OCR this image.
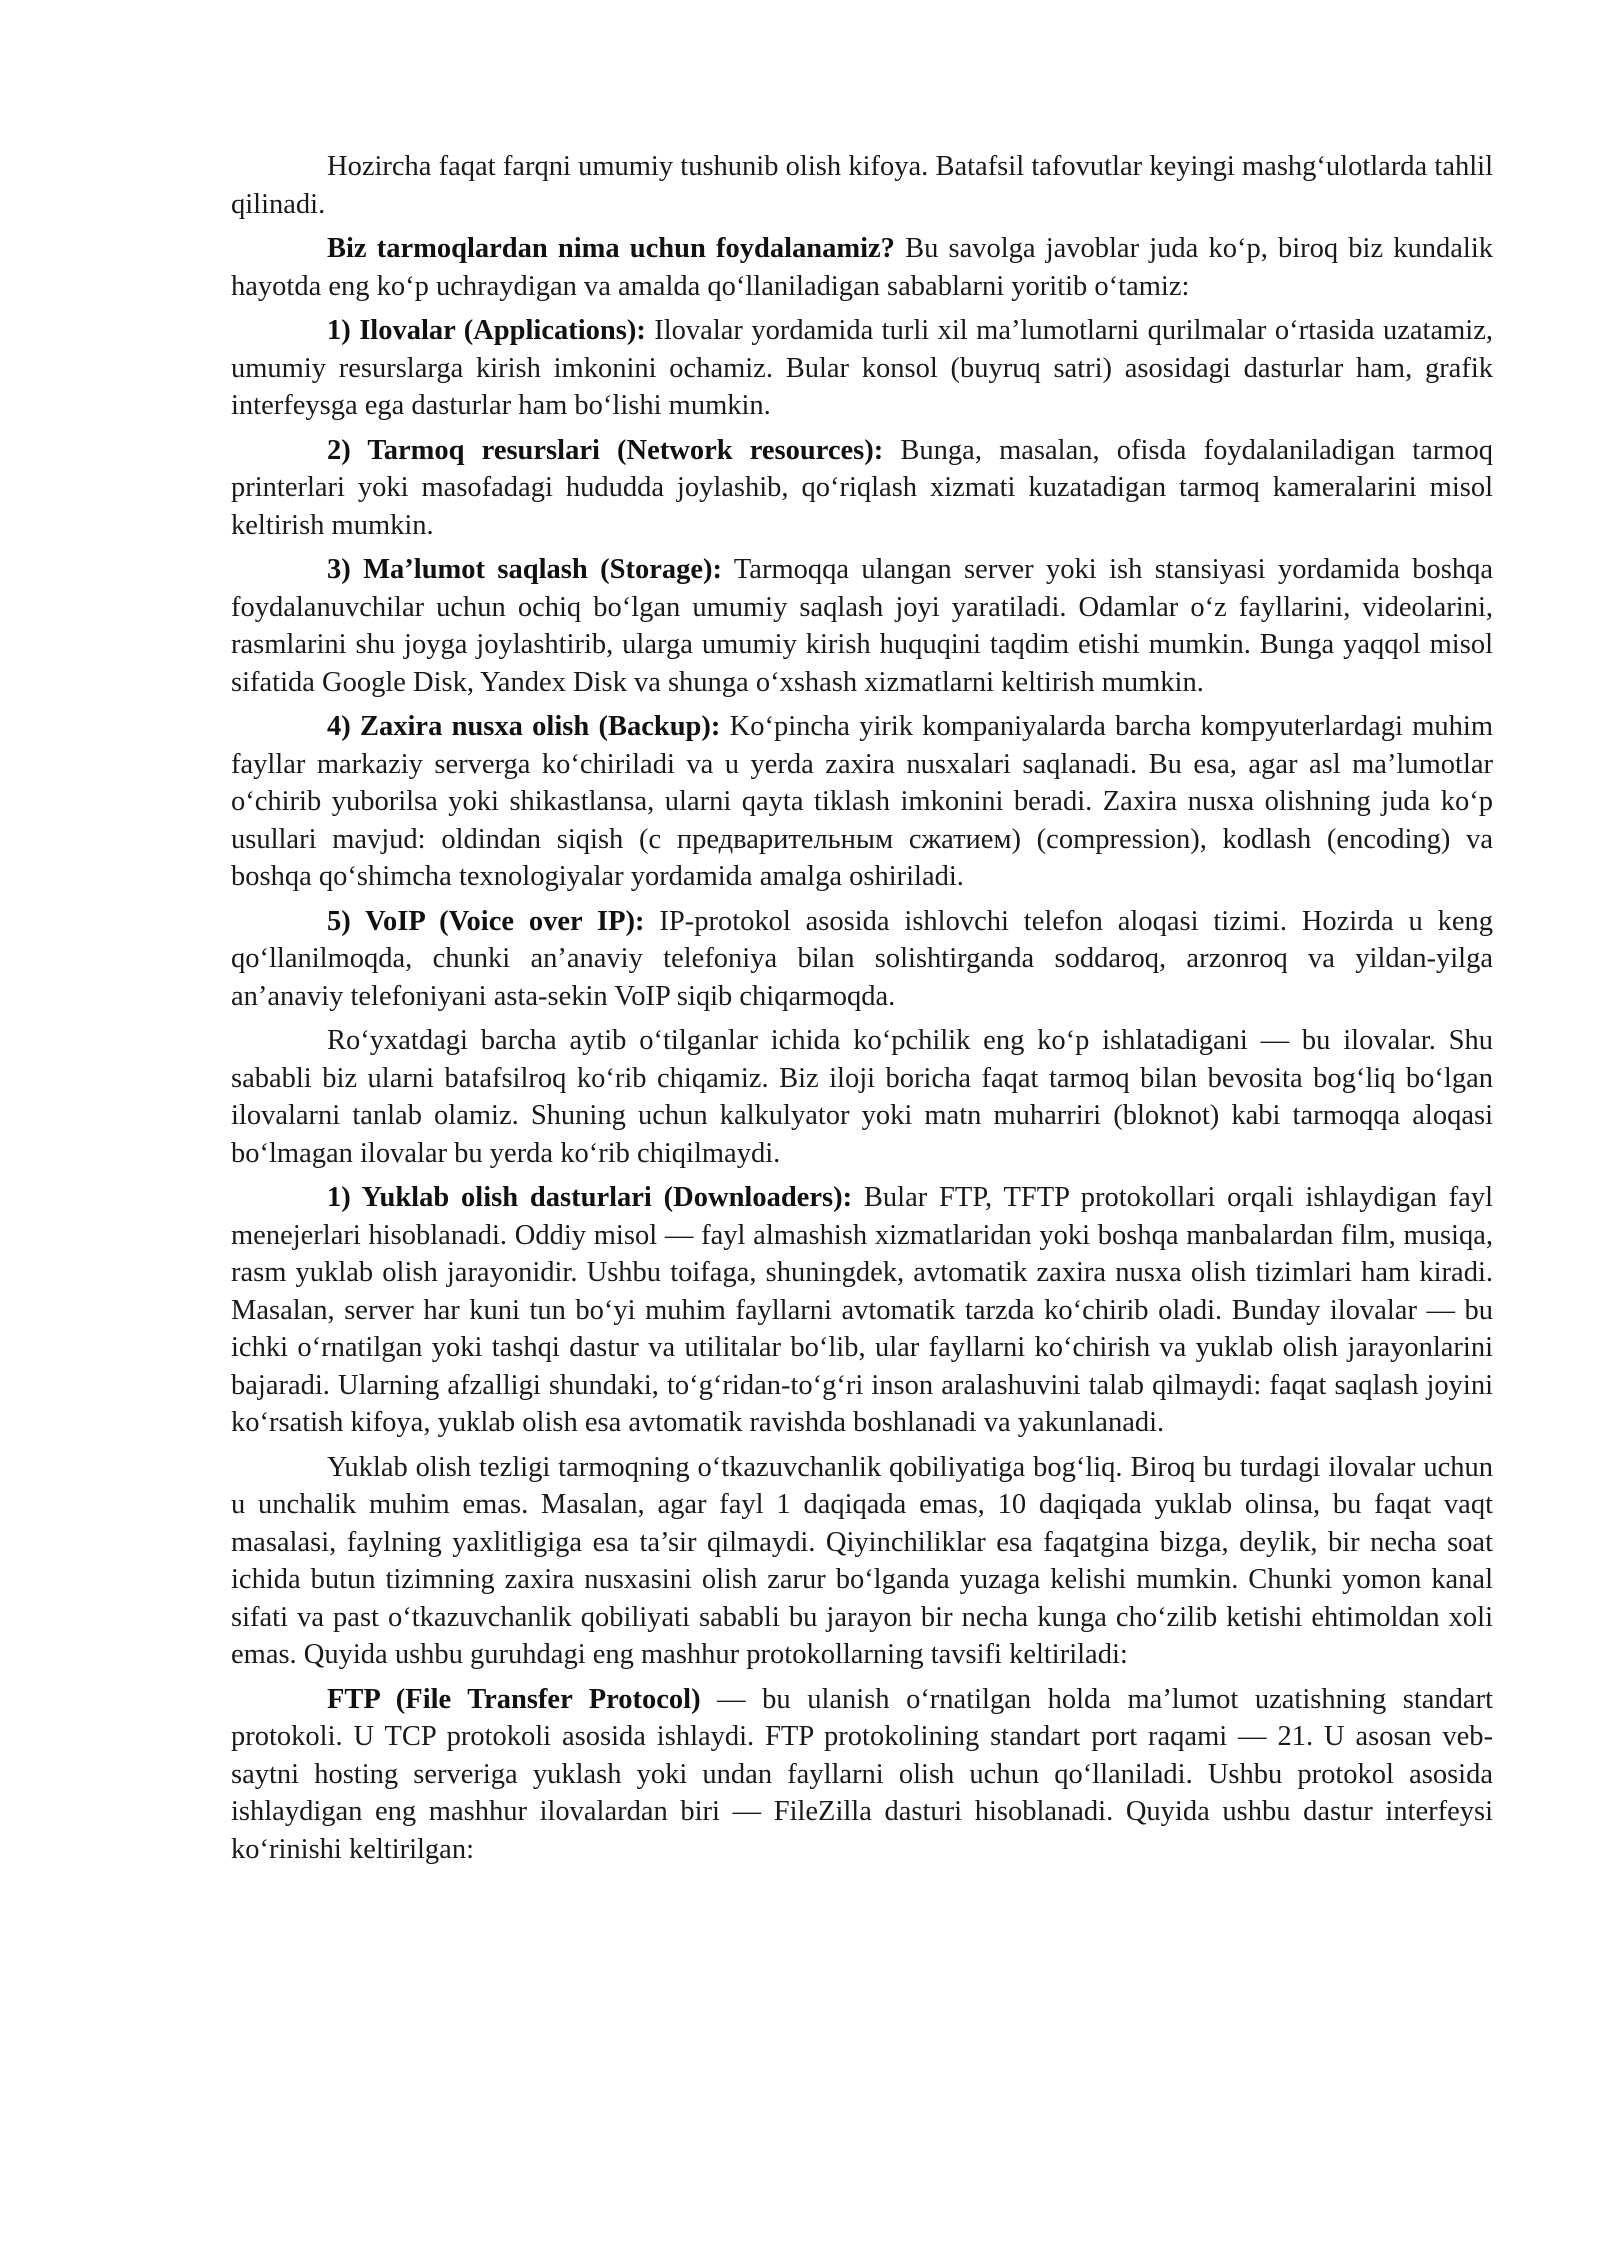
Hozircha faqat farqni umumiy tushunib olish kifoya. Batafsil tafovutlar keyingi mashg‘ulotlarda tahlil qilinadi.

Biz tarmoqlardan nima uchun foydalanamiz? Bu savolga javoblar juda ko‘p, biroq biz kundalik hayotda eng ko‘p uchraydigan va amalda qo‘llaniladigan sabablarni yoritib o‘tamiz:

1) Ilovalar (Applications): Ilovalar yordamida turli xil ma’lumotlarni qurilmalar o‘rtasida uzatamiz, umumiy resurslarga kirish imkonini ochamiz. Bular konsol (buyruq satri) asosidagi dasturlar ham, grafik interfeysga ega dasturlar ham bo‘lishi mumkin.

2) Tarmoq resurslari (Network resources): Bunga, masalan, ofisda foydalaniladigan tarmoq printerlari yoki masofadagi hududda joylashib, qo‘riqlash xizmati kuzatadigan tarmoq kameralarini misol keltirish mumkin.

3) Ma’lumot saqlash (Storage): Tarmoqqa ulangan server yoki ish stansiyasi yordamida boshqa foydalanuvchilar uchun ochiq bo‘lgan umumiy saqlash joyi yaratiladi. Odamlar o‘z fayllarini, videolarini, rasmlarini shu joyga joylashtirib, ularga umumiy kirish huquqini taqdim etishi mumkin. Bunga yaqqol misol sifatida Google Disk, Yandex Disk va shunga o‘xshash xizmatlarni keltirish mumkin.

4) Zaxira nusxa olish (Backup): Ko‘pincha yirik kompaniyalarda barcha kompyuterlardagi muhim fayllar markaziy serverga ko‘chiriladi va u yerda zaxira nusxalari saqlanadi. Bu esa, agar asl ma’lumotlar o‘chirib yuborilsa yoki shikastlansa, ularni qayta tiklash imkonini beradi. Zaxira nusxa olishning juda ko‘p usullari mavjud: oldindan siqish (с предварительным сжатием) (compression), kodlash (encoding) va boshqa qo‘shimcha texnologiyalar yordamida amalga oshiriladi.

5) VoIP (Voice over IP): IP-protokol asosida ishlovchi telefon aloqasi tizimi. Hozirda u keng qo‘llanilmoqda, chunki an’anaviy telefoniya bilan solishtirganda soddaroq, arzonroq va yildan-yilga an’anaviy telefoniyani asta-sekin VoIP siqib chiqarmoqda.

Ro‘yxatdagi barcha aytib o‘tilganlar ichida ko‘pchilik eng ko‘p ishlatadigani — bu ilovalar. Shu sababli biz ularni batafsilroq ko‘rib chiqamiz. Biz iloji boricha faqat tarmoq bilan bevosita bog‘liq bo‘lgan ilovalarni tanlab olamiz. Shuning uchun kalkulyator yoki matn muharriri (bloknot) kabi tarmoqqa aloqasi bo‘lmagan ilovalar bu yerda ko‘rib chiqilmaydi.

1) Yuklab olish dasturlari (Downloaders): Bular FTP, TFTP protokollari orqali ishlaydigan fayl menejerlari hisoblanadi. Oddiy misol — fayl almashish xizmatlaridan yoki boshqa manbalardan film, musiqa, rasm yuklab olish jarayonidir. Ushbu toifaga, shuningdek, avtomatik zaxira nusxa olish tizimlari ham kiradi. Masalan, server har kuni tun bo‘yi muhim fayllarni avtomatik tarzda ko‘chirib oladi. Bunday ilovalar — bu ichki o‘rnatilgan yoki tashqi dastur va utilitalar bo‘lib, ular fayllarni ko‘chirish va yuklab olish jarayonlarini bajaradi. Ularning afzalligi shundaki, to‘g‘ridan-to‘g‘ri inson aralashuvini talab qilmaydi: faqat saqlash joyini ko‘rsatish kifoya, yuklab olish esa avtomatik ravishda boshlanadi va yakunlanadi.

Yuklab olish tezligi tarmoqning o‘tkazuvchanlik qobiliyatiga bog‘liq. Biroq bu turdagi ilovalar uchun u unchalik muhim emas. Masalan, agar fayl 1 daqiqada emas, 10 daqiqada yuklab olinsa, bu faqat vaqt masalasi, faylning yaxlitligiga esa ta’sir qilmaydi. Qiyinchiliklar esa faqatgina bizga, deylik, bir necha soat ichida butun tizimning zaxira nusxasini olish zarur bo‘lganda yuzaga kelishi mumkin. Chunki yomon kanal sifati va past o‘tkazuvchanlik qobiliyati sababli bu jarayon bir necha kunga cho‘zilib ketishi ehtimoldan xoli emas. Quyida ushbu guruhdagi eng mashhur protokollarning tavsifi keltiriladi:

FTP (File Transfer Protocol) — bu ulanish o‘rnatilgan holda ma’lumot uzatishning standart protokoli. U TCP protokoli asosida ishlaydi. FTP protokolining standart port raqami — 21. U asosan veb-saytni hosting serveriga yuklash yoki undan fayllarni olish uchun qo‘llaniladi. Ushbu protokol asosida ishlaydigan eng mashhur ilovalardan biri — FileZilla dasturi hisoblanadi. Quyida ushbu dastur interfeysi ko‘rinishi keltirilgan:
